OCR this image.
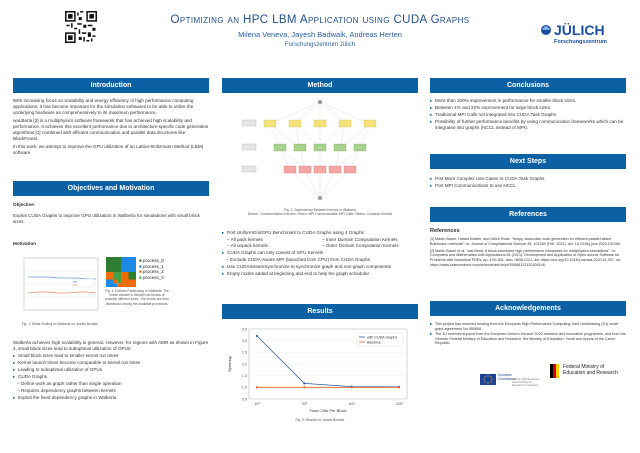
Optimizing an HPC LBM Application using CUDA Graphs
Milena Veneva, Jayesh Badwaik, Andreas Herten
Forschungszentrum Jülich
JÜLICH
Forschungszentrum
Introduction

With increasing focus on scalability and energy efficiency of high performance computing applications, it has become important for the simulation softwares to be able to utilize the underlying hardware as comprehensively to its maximum performance.

waLBerla [2] is a multiphysics software framework that has achieved high scalability and performance. It achieves this excellent performance due to architecture specific code generation algorithms [1] combined with efficient communication and parallel data structures like BlockForest.

In this work, we attempt to improve the GPU utilization of an Lattice-Boltzmann Method (LBM) software.

Objectives and Motivation
Objective:
Exploit CUDA Graphs to improve GPU utilization in Walberla for simulations with small block sizes.
Motivation
Fig. 1: Weak Scaling on Walberla on Juwels Booster
■ process_0
■ process_1
■ process_2
■ process_3
Fig. 4: Domain Partitioning in Walberla. The whole domain is divided into blocks of possibly different sizes. The blocks are then distributed among the available processes.
Walberla achieves high scalability in general. However, for regions with AMR as shown in Figure 4, small block sizes lead to suboptimal utilization of GPUs:
▸ Small block sizes lead to smaller kernel run times
▸ Kernel launch times become comparable to kernel run times
▸ Leading to suboptimal utilization of GPUs
▸ CUDA Graphs
– Define work as graph rather than single operation
– Requires dependency graphs between kernels
▸ Exploit the fixed dependency graphs in Walberla
Method
Fig. 2: Dependency Between Kernels in Walberla
Device : Communication Kernels; Green: MPI Communication MPI Calls; Others: Compute Kernels
▸ Port UniformGridGPU Benchmark to CUDA Graphs using 4 Graphs
– All pack kernels
– All unpack kernels
– Inner Domain Computation Kernels
– Outer Domain Computation Kernels
▸ CUDA Graphs can only consist of GPU Kernels
– Exclude CUDA-Aware MPI (launched from CPU) from CUDA Graphs
▸ Use CUDAStreamSynchronize to synchronize graph and non-graph components
▸ Empty nodes added at beginning and end to help the graph scheduler.
Results
0.5
1.0
1.5
2.0
2.5
3.0
3.5
16³	32³	64³	128³
Fluid Cells Per Block
Speedup
with CUDA Graphs
Baseline
Fig. 3: Results on Juwels Booster
Conclusions
▸ More than 200% improvement in performance for smaller block sizes.
▸ Between 4% and 22% improvement for large block sizes.
▸ Traditional MPI Calls not integrated into CUDA Task Graphs
▸ Possibility of further performance benefits by using communication frameworks which can be integrated into graphs (NCCL instead of MPI).
Next Steps
▸ Port More Complex Use Cases to CUDA Task Graphs
▸ Port MPI Communications to use NCCL
References
References

[1] Martin Bauer, Harald Köstler, and Ulrich Rüde. "lbmpy: Automatic code generation for efficient parallel lattice Boltzmann methods". In: Journal of Computational Science 49, 101269 (Feb. 2021). doi: 10.1016/j.jocs.2020.101269.

[2] Martin Bauer et al. "waLBerla: A block-structured high-performance framework for multiphysics simulations". In: Computers and Mathematics with Applications 81 (2021). Development and Application of Open-source Software for Problems with Numerical PDEs, pp. 478–501. issn: 0898-1221. doi: https://doi.org/10.1016/j.camwa.2020.01.007. url: https://www.sciencedirect.com/science/article/pii/S0898122120300146.

Acknowledgements
▸ This project has received funding from the European High-Performance Computing Joint Undertaking (JU) under grant agreement No 955606.
▸ The JU receives support from the European Union's Horizon 2020 research and innovation programme, and from the German Federal Ministry of Education and Research, the Ministry of Education, Youth and Sports of the Czech Republic.
European Commission
Horizon 2020 European Union funding for Research & Innovation
Federal Ministry of Education and Research
